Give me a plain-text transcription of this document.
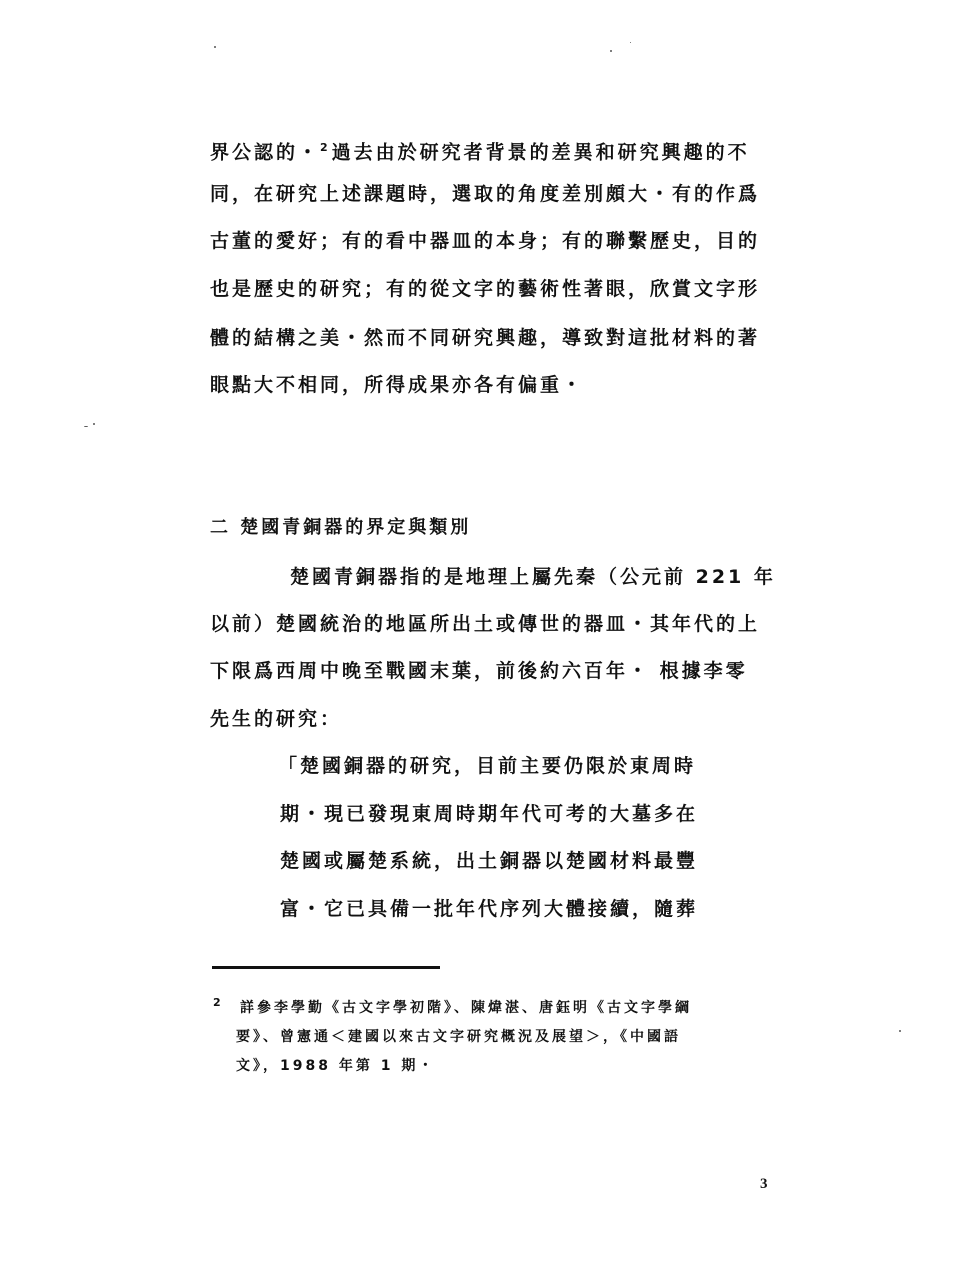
界公認的・$^2$ 過去由於研究者背景的差異和研究興趣的不
同，在研究上述課題時，選取的角度差別頗大・有的作爲
古董的愛好；有的看中器皿的本身；有的聯繫歷史，目的
也是歷史的研究；有的從文字的藝術性著眼，欣賞文字形
體的結構之美・然而不同研究興趣，導致對這批材料的著
眼點大不相同，所得成果亦各有偏重・
二 楚國青銅器的界定與類別
楚國青銅器指的是地理上屬先秦（公元前 221 年
以前）楚國統治的地區所出土或傳世的器皿・其年代的上
下限爲西周中晚至戰國末葉，前後約六百年・ 根據李零
先生的研究：
「楚國銅器的研究，目前主要仍限於東周時
期・現已發現東周時期年代可考的大墓多在
楚國或屬楚系統，出土銅器以楚國材料最豐
富・它已具備一批年代序列大體接續，隨葬
2 詳參李學勤《古文字學初階》、陳煒湛、唐鈺明《古文字學綱
要》、曾憲通＜建國以來古文字研究概況及展望＞，《中國語
文》，1988 年第 1 期・
3
